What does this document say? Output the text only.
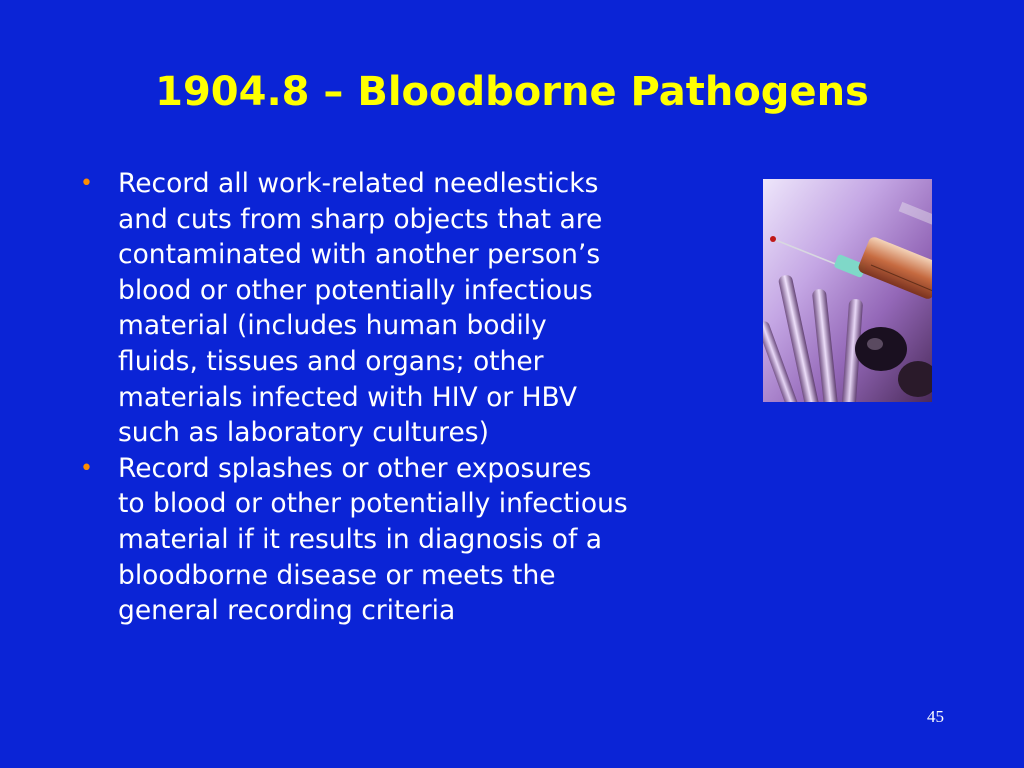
1904.8 – Bloodborne Pathogens
• Record all work-related needlesticks
and cuts from sharp objects that are
contaminated with another person’s
blood or other potentially infectious
material (includes human bodily
fluids, tissues and organs; other
materials infected with HIV or HBV
such as laboratory cultures)
• Record splashes or other exposures
to blood or other potentially infectious
material if it results in diagnosis of a
bloodborne disease or meets the
general recording criteria
45
